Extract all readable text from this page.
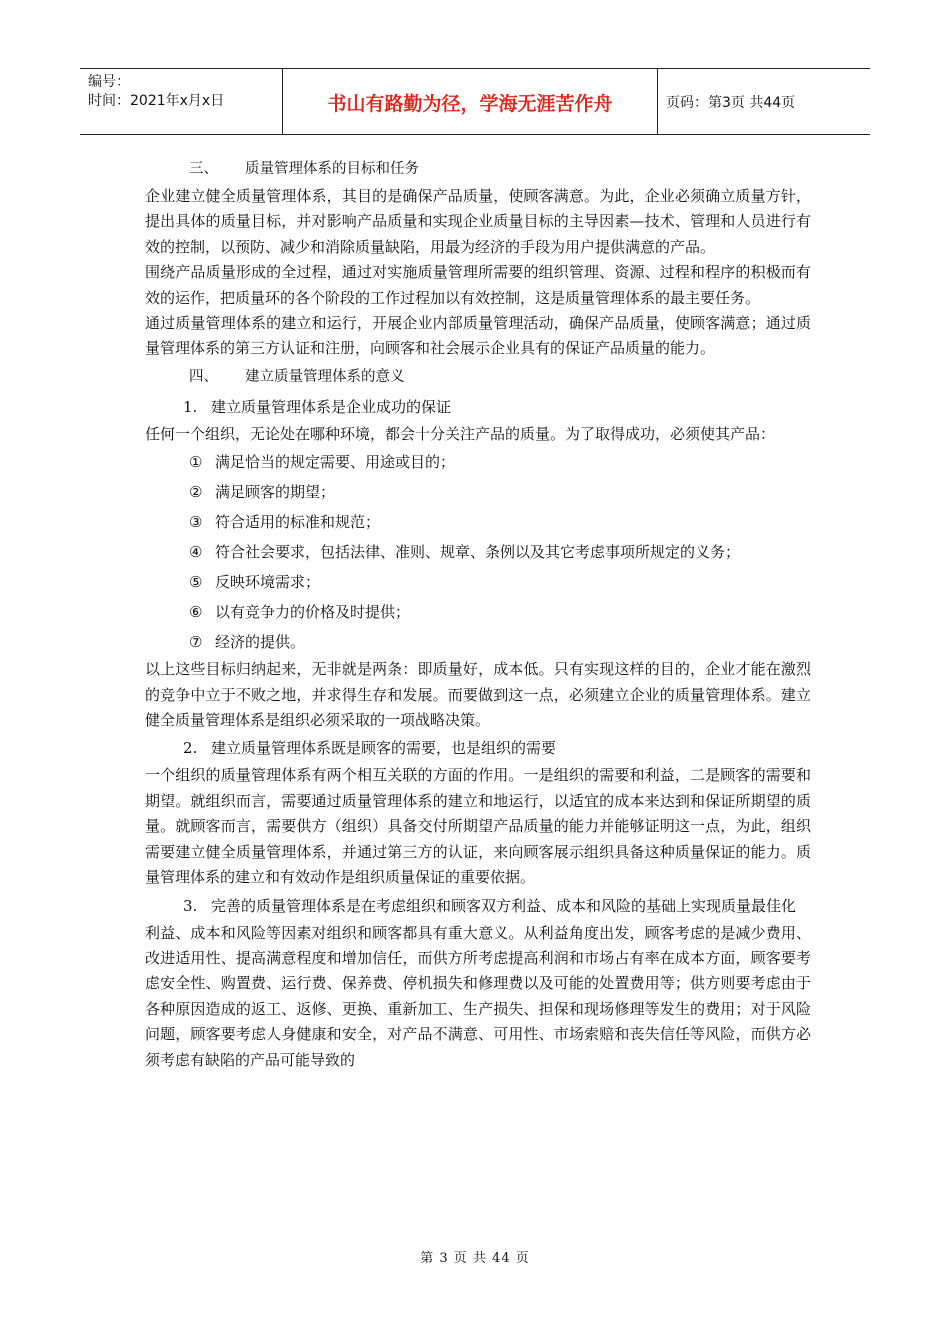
编号：
时间：2021年x月x日	书山有路勤为径，学海无涯苦作舟	页码：第3页 共44页

三、 质量管理体系的目标和任务

企业建立健全质量管理体系，其目的是确保产品质量，使顾客满意。为此，企业必须确立质量方针，提出具体的质量目标，并对影响产品质量和实现企业质量目标的主导因素—技术、管理和人员进行有效的控制，以预防、减少和消除质量缺陷，用最为经济的手段为用户提供满意的产品。

围绕产品质量形成的全过程，通过对实施质量管理所需要的组织管理、资源、过程和程序的积极而有效的运作，把质量环的各个阶段的工作过程加以有效控制，这是质量管理体系的最主要任务。

通过质量管理体系的建立和运行，开展企业内部质量管理活动，确保产品质量，使顾客满意；通过质量管理体系的第三方认证和注册，向顾客和社会展示企业具有的保证产品质量的能力。

四、 建立质量管理体系的意义

1. 建立质量管理体系是企业成功的保证

任何一个组织，无论处在哪种环境，都会十分关注产品的质量。为了取得成功，必须使其产品：

① 满足恰当的规定需要、用途或目的；

② 满足顾客的期望；

③ 符合适用的标准和规范；

④ 符合社会要求，包括法律、准则、规章、条例以及其它考虑事项所规定的义务；

⑤ 反映环境需求；

⑥ 以有竞争力的价格及时提供；

⑦ 经济的提供。

以上这些目标归纳起来，无非就是两条：即质量好，成本低。只有实现这样的目的，企业才能在激烈的竞争中立于不败之地，并求得生存和发展。而要做到这一点，必须建立企业的质量管理体系。建立健全质量管理体系是组织必须采取的一项战略决策。

2. 建立质量管理体系既是顾客的需要，也是组织的需要

一个组织的质量管理体系有两个相互关联的方面的作用。一是组织的需要和利益，二是顾客的需要和期望。就组织而言，需要通过质量管理体系的建立和地运行，以适宜的成本来达到和保证所期望的质量。就顾客而言，需要供方（组织）具备交付所期望产品质量的能力并能够证明这一点，为此，组织需要建立健全质量管理体系，并通过第三方的认证，来向顾客展示组织具备这种质量保证的能力。质量管理体系的建立和有效动作是组织质量保证的重要依据。

3. 完善的质量管理体系是在考虑组织和顾客双方利益、成本和风险的基础上实现质量最佳化

利益、成本和风险等因素对组织和顾客都具有重大意义。从利益角度出发，顾客考虑的是减少费用、改进适用性、提高满意程度和增加信任，而供方所考虑提高利润和市场占有率在成本方面，顾客要考虑安全性、购置费、运行费、保养费、停机损失和修理费以及可能的处置费用等；供方则要考虑由于各种原因造成的返工、返修、更换、重新加工、生产损失、担保和现场修理等发生的费用；对于风险问题，顾客要考虑人身健康和安全，对产品不满意、可用性、市场索赔和丧失信任等风险，而供方必须考虑有缺陷的产品可能导致的

第 3 页 共 44 页
